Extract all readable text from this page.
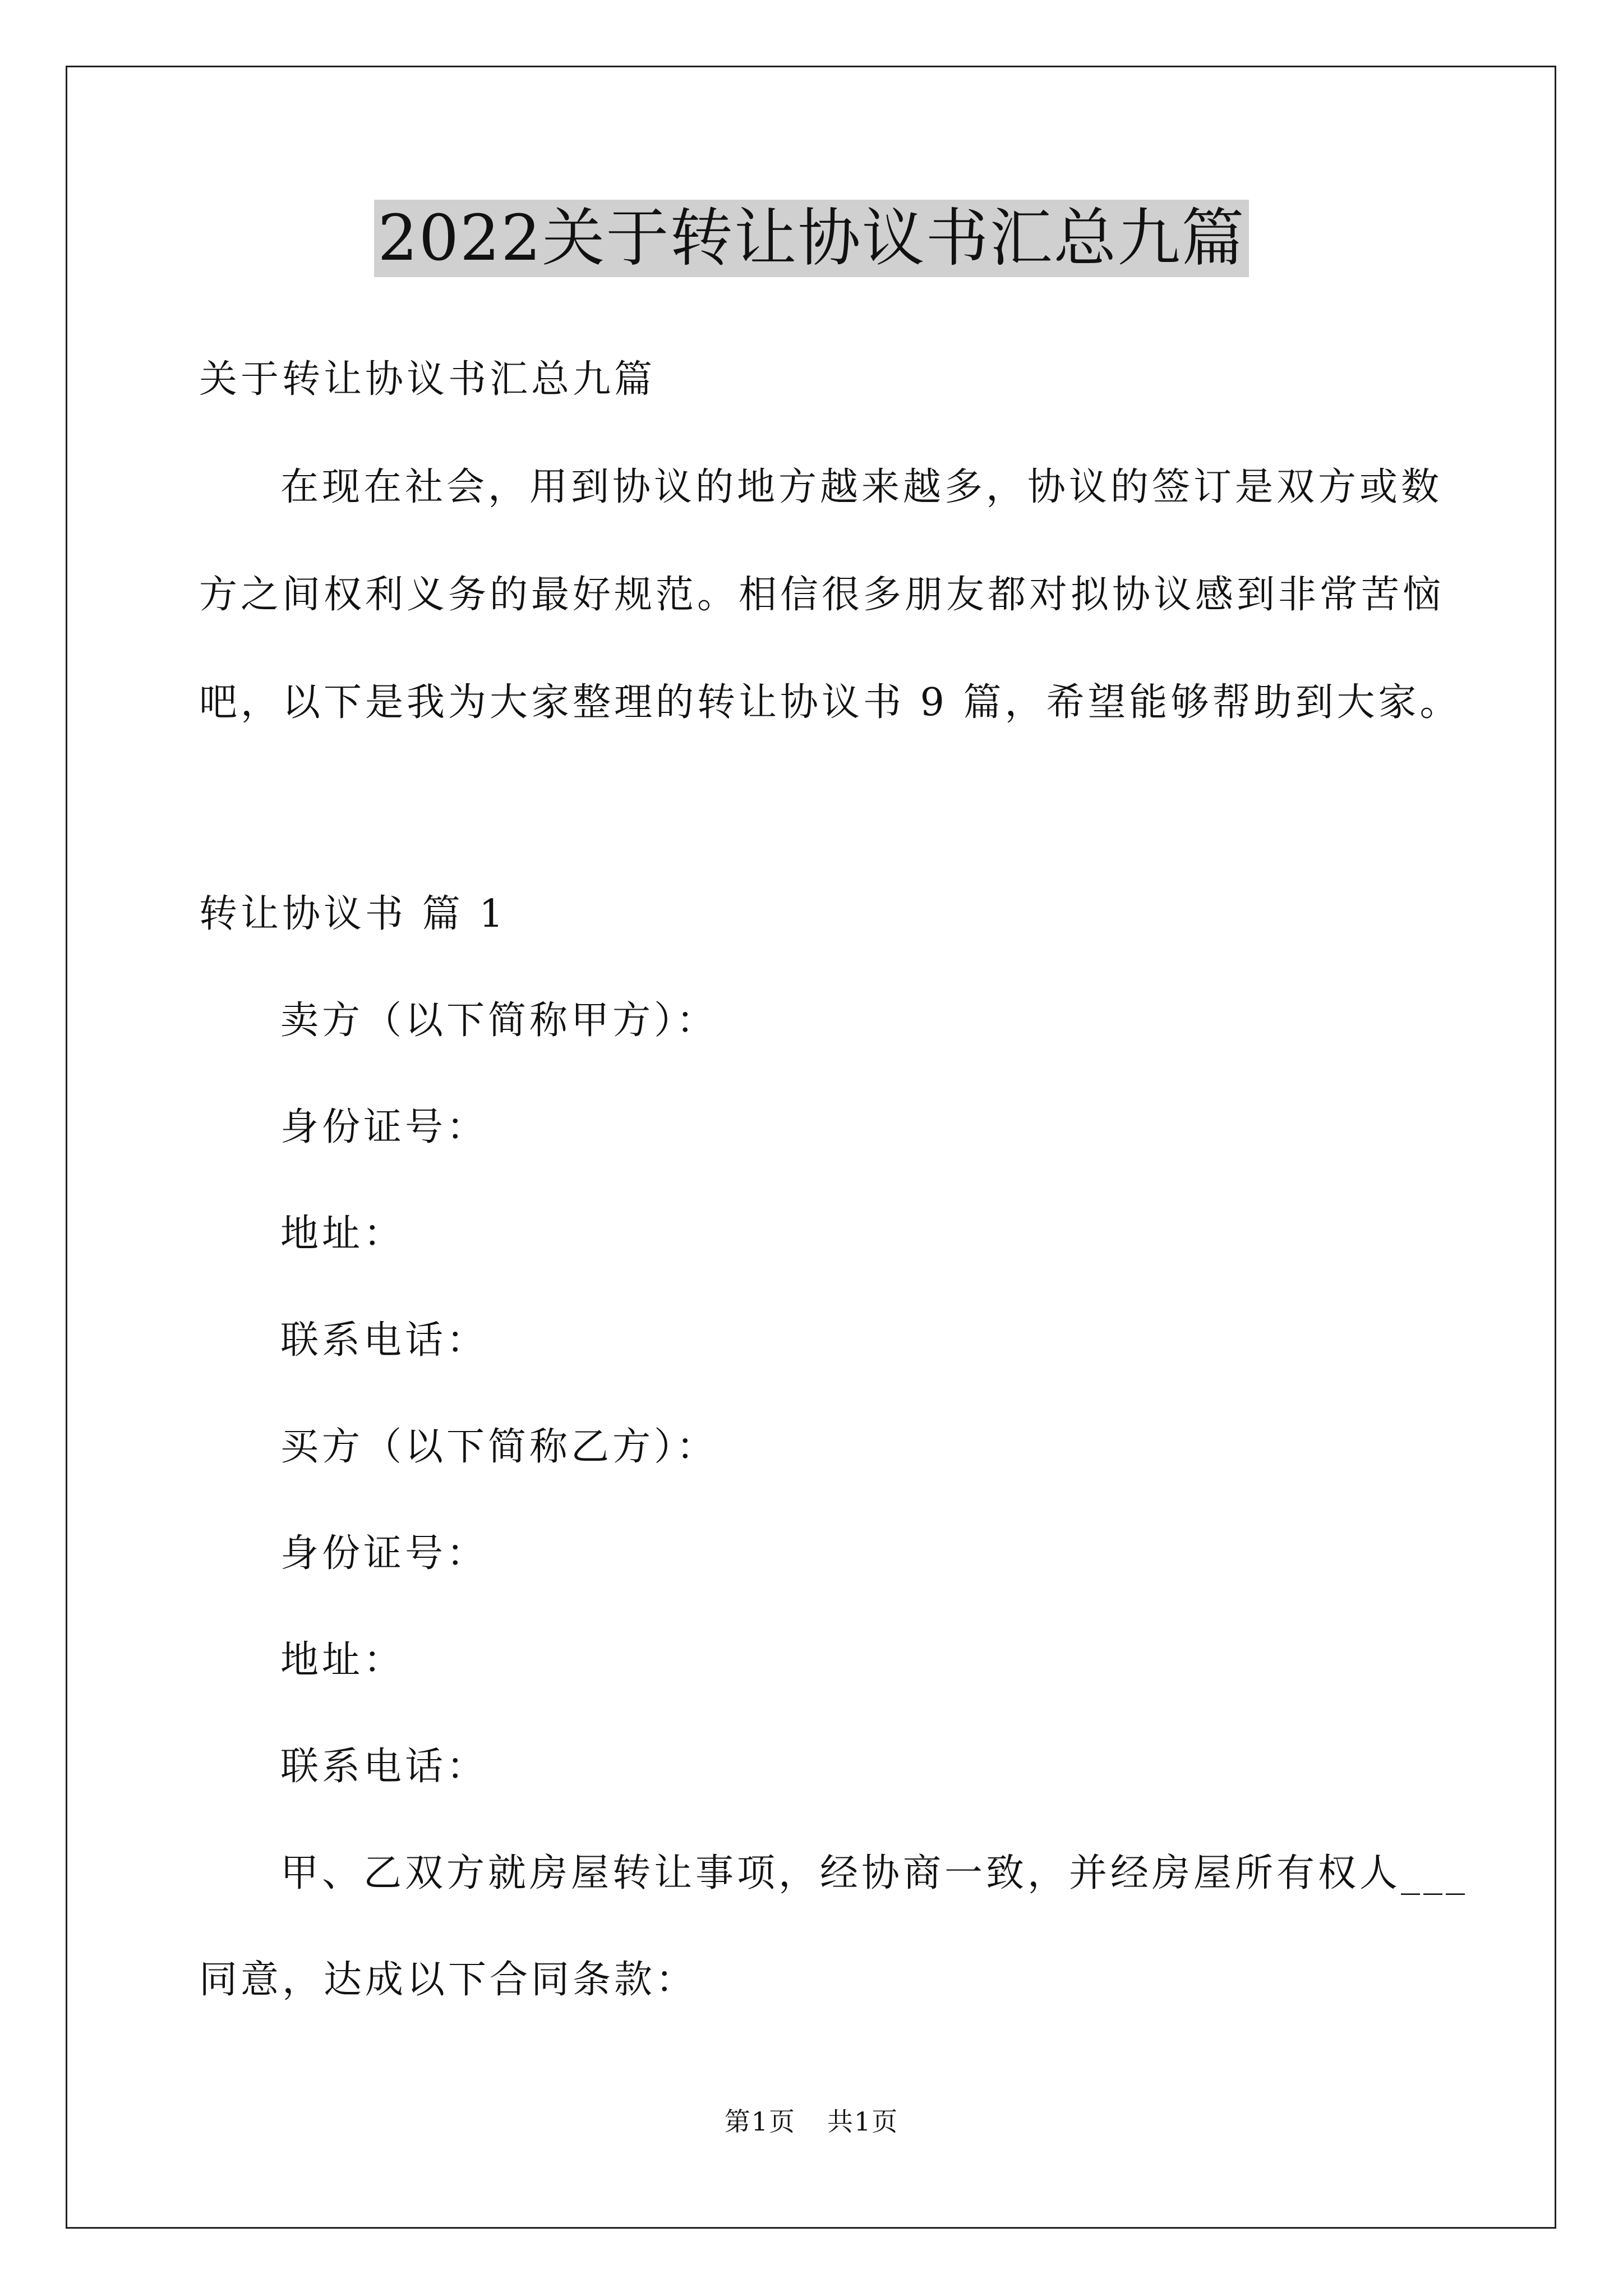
2022关于转让协议书汇总九篇
关于转让协议书汇总九篇
在现在社会，用到协议的地方越来越多，协议的签订是双方或数
方之间权利义务的最好规范。相信很多朋友都对拟协议感到非常苦恼
吧，以下是我为大家整理的转让协议书 9 篇，希望能够帮助到大家。
转让协议书 篇 1
卖方（以下简称甲方）：
身份证号：
地址：
联系电话：
买方（以下简称乙方）：
身份证号：
地址：
联系电话：
甲、乙双方就房屋转让事项，经协商一致，并经房屋所有权人___
同意，达成以下合同条款：
第1页 共1页
